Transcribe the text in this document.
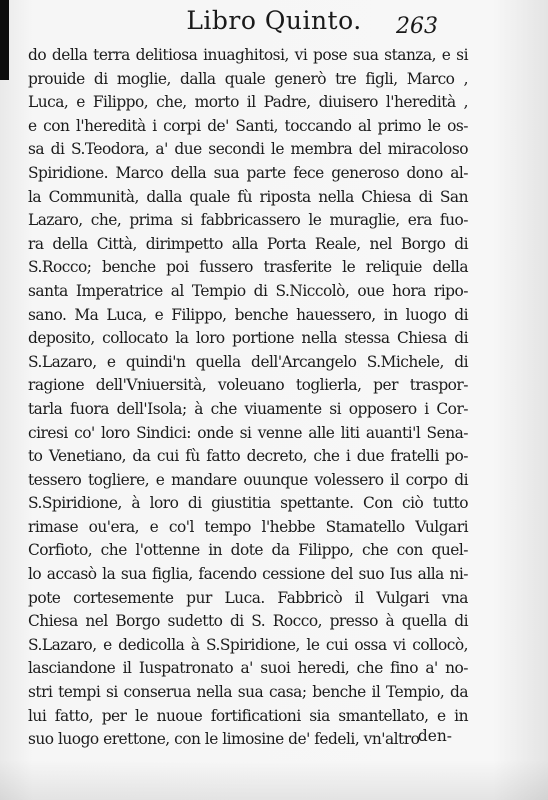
Libro Quinto.	263
do della terra delitiosa inuaghitosi, vi pose sua stanza, e si
prouide di moglie, dalla quale generò tre figli, Marco ,
Luca, e Filippo, che, morto il Padre, diuisero l'heredità ,
e con l'heredità i corpi de' Santi, toccando al primo le os-
sa di S.Teodora, a' due secondi le membra del miracoloso
Spiridione. Marco della sua parte fece generoso dono al-
la Communità, dalla quale fù riposta nella Chiesa di San
Lazaro, che, prima si fabbricassero le muraglie, era fuo-
ra della Città, dirimpetto alla Porta Reale, nel Borgo di
S.Rocco; benche poi fussero trasferite le reliquie della
santa Imperatrice al Tempio di S.Niccolò, oue hora ripo-
sano. Ma Luca, e Filippo, benche hauessero, in luogo di
deposito, collocato la loro portione nella stessa Chiesa di
S.Lazaro, e quindi'n quella dell'Arcangelo S.Michele, di
ragione dell'Vniuersità, voleuano toglierla, per traspor-
tarla fuora dell'Isola; à che viuamente si opposero i Cor-
ciresi co' loro Sindici: onde si venne alle liti auanti'l Sena-
to Venetiano, da cui fù fatto decreto, che i due fratelli po-
tessero togliere, e mandare ouunque volessero il corpo di
S.Spiridione, à loro di giustitia spettante. Con ciò tutto
rimase ou'era, e co'l tempo l'hebbe Stamatello Vulgari
Corfioto, che l'ottenne in dote da Filippo, che con quel-
lo accasò la sua figlia, facendo cessione del suo Ius alla ni-
pote cortesemente pur Luca. Fabbricò il Vulgari vna
Chiesa nel Borgo sudetto di S. Rocco, presso à quella di
S.Lazaro, e dedicolla à S.Spiridione, le cui ossa vi collocò,
lasciandone il Iuspatronato a' suoi heredi, che fino a' no-
stri tempi si conserua nella sua casa; benche il Tempio, da
lui fatto, per le nuoue fortificationi sia smantellato, e in
suo luogo erettone, con le limosine de' fedeli, vn'altro
den-
